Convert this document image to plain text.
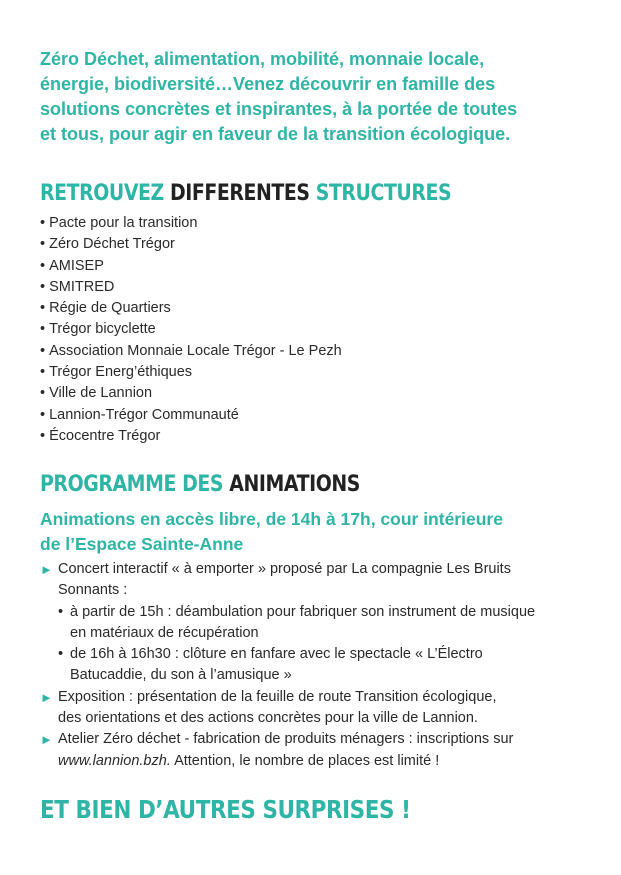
Zéro Déchet, alimentation, mobilité, monnaie locale,
énergie, biodiversité…Venez découvrir en famille des
solutions concrètes et inspirantes, à la portée de toutes
et tous, pour agir en faveur de la transition écologique.

RETROUVEZ DIFFERENTES STRUCTURES
• Pacte pour la transition
• Zéro Déchet Trégor
• AMISEP
• SMITRED
• Régie de Quartiers
• Trégor bicyclette
• Association Monnaie Locale Trégor - Le Pezh
• Trégor Energ’éthiques
• Ville de Lannion
• Lannion-Trégor Communauté
• Écocentre Trégor
PROGRAMME DES ANIMATIONS

Animations en accès libre, de 14h à 17h, cour intérieure
de l’Espace Sainte-Anne

► Concert interactif « à emporter » proposé par La compagnie Les Bruits
Sonnants :
• à partir de 15h : déambulation pour fabriquer son instrument de musique
en matériaux de récupération
• de 16h à 16h30 : clôture en fanfare avec le spectacle « L’Électro
Batucaddie, du son à l’amusique »
► Exposition : présentation de la feuille de route Transition écologique,
des orientations et des actions concrètes pour la ville de Lannion.
► Atelier Zéro déchet - fabrication de produits ménagers : inscriptions sur
www.lannion.bzh. Attention, le nombre de places est limité !
ET BIEN D’AUTRES SURPRISES !
